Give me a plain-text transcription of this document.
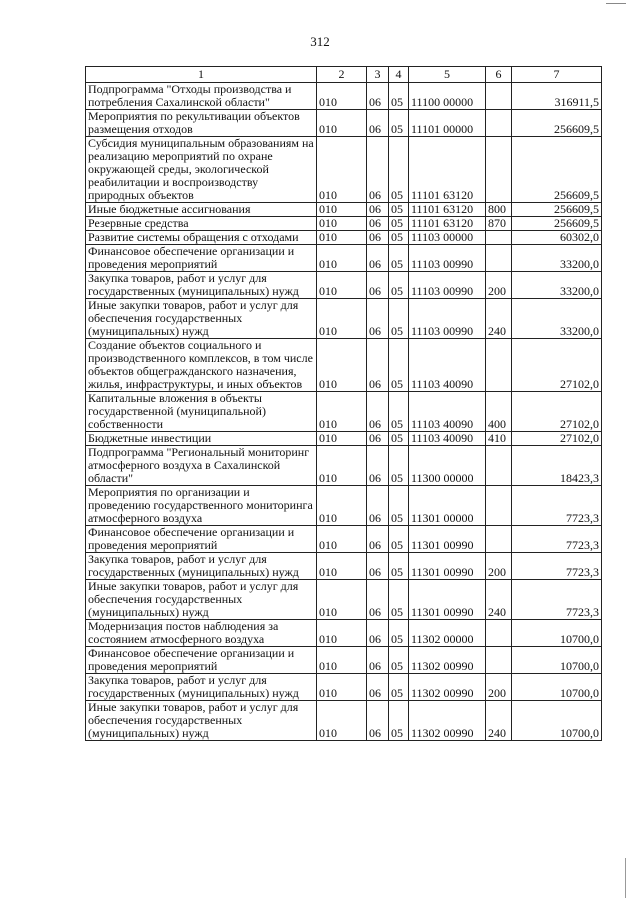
312
1	2	3	4	5	6	7
Подпрограмма "Отходы производства и потребления Сахалинской области"	010	06	05	11100 00000		316911,5
Мероприятия по рекультивации объектов размещения отходов	010	06	05	11101 00000		256609,5
Субсидия муниципальным образованиям на реализацию мероприятий по охране окружающей среды, экологической реабилитации и воспроизводству природных объектов	010	06	05	11101 63120		256609,5
Иные бюджетные ассигнования	010	06	05	11101 63120	800	256609,5
Резервные средства	010	06	05	11101 63120	870	256609,5
Развитие системы обращения с отходами	010	06	05	11103 00000		60302,0
Финансовое обеспечение организации и проведения мероприятий	010	06	05	11103 00990		33200,0
Закупка товаров, работ и услуг для государственных (муниципальных) нужд	010	06	05	11103 00990	200	33200,0
Иные закупки товаров, работ и услуг для обеспечения государственных (муниципальных) нужд	010	06	05	11103 00990	240	33200,0
Создание объектов социального и производственного комплексов, в том числе объектов общегражданского назначения, жилья, инфраструктуры, и иных объектов	010	06	05	11103 40090		27102,0
Капитальные вложения в объекты государственной (муниципальной) собственности	010	06	05	11103 40090	400	27102,0
Бюджетные инвестиции	010	06	05	11103 40090	410	27102,0
Подпрограмма "Региональный мониторинг атмосферного воздуха в Сахалинской области"	010	06	05	11300 00000		18423,3
Мероприятия по организации и проведению государственного мониторинга атмосферного воздуха	010	06	05	11301 00000		7723,3
Финансовое обеспечение организации и проведения мероприятий	010	06	05	11301 00990		7723,3
Закупка товаров, работ и услуг для государственных (муниципальных) нужд	010	06	05	11301 00990	200	7723,3
Иные закупки товаров, работ и услуг для обеспечения государственных (муниципальных) нужд	010	06	05	11301 00990	240	7723,3
Модернизация постов наблюдения за состоянием атмосферного воздуха	010	06	05	11302 00000		10700,0
Финансовое обеспечение организации и проведения мероприятий	010	06	05	11302 00990		10700,0
Закупка товаров, работ и услуг для государственных (муниципальных) нужд	010	06	05	11302 00990	200	10700,0
Иные закупки товаров, работ и услуг для обеспечения государственных (муниципальных) нужд	010	06	05	11302 00990	240	10700,0
